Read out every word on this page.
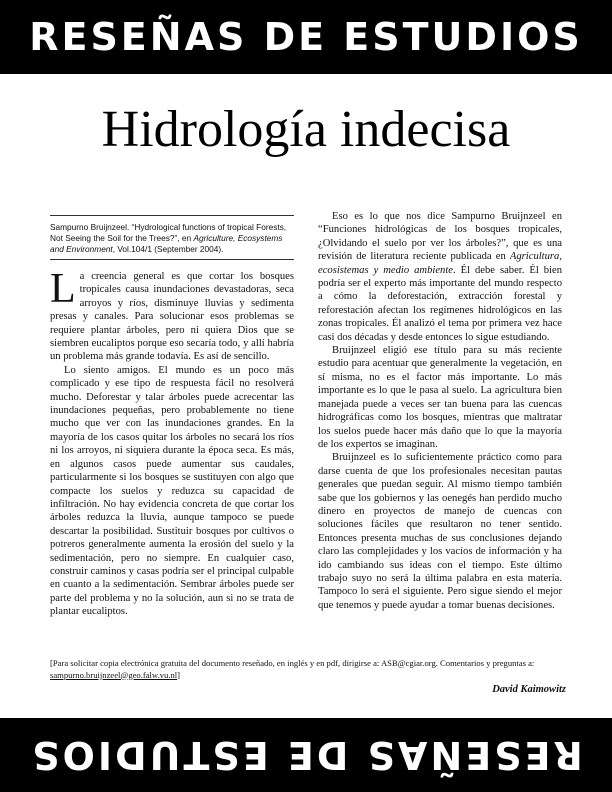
RESEÑAS DE ESTUDIOS
Hidrología indecisa
Sampurno Bruijnzeel. “Hydrological functions of tropical Forests, Not Seeing the Soil for the Trees?”, en Agriculture, Ecosystems and Environment, Vol.104/1 (September 2004).

La creencia general es que cortar los bosques tropicales causa inundaciones devastadoras, seca arroyos y ríos, disminuye lluvias y sedimenta presas y canales. Para solucionar esos problemas se requiere plantar árboles, pero ni quiera Dios que se siembren eucaliptos porque eso secaría todo, y allí habría un problema más grande todavía. Es así de sencillo.

Lo siento amigos. El mundo es un poco más complicado y ese tipo de respuesta fácil no resolverá mucho. Deforestar y talar árboles puede acrecentar las inundaciones pequeñas, pero probablemente no tiene mucho que ver con las inundaciones grandes. En la mayoría de los casos quitar los árboles no secará los ríos ni los arroyos, ni siquiera durante la época seca. Es más, en algunos casos puede aumentar sus caudales, particularmente si los bosques se sustituyen con algo que compacte los suelos y reduzca su capacidad de infiltración. No hay evidencia concreta de que cortar los árboles reduzca la lluvia, aunque tampoco se puede descartar la posibilidad. Sustituir bosques por cultivos o potreros generalmente aumenta la erosión del suelo y la sedimentación, pero no siempre. En cualquier caso, construir caminos y casas podría ser el principal culpable en cuanto a la sedimentación. Sembrar árboles puede ser parte del problema y no la solución, aun si no se trata de plantar eucaliptos.

Eso es lo que nos dice Sampurno Bruijnzeel en “Funciones hidrológicas de los bosques tropicales, ¿Olvidando el suelo por ver los árboles?”, que es una revisión de literatura reciente publicada en Agricultura, ecosistemas y medio ambiente. Él debe saber. Él bien podría ser el experto más importante del mundo respecto a cómo la deforestación, extracción forestal y reforestación afectan los regímenes hidrológicos en las zonas tropicales. Él analizó el tema por primera vez hace casi dos décadas y desde entonces lo sigue estudiando.

Bruijnzeel eligió ese título para su más reciente estudio para acentuar que generalmente la vegetación, en sí misma, no es el factor más importante. Lo más importante es lo que le pasa al suelo. La agricultura bien manejada puede a veces ser tan buena para las cuencas hidrográficas como los bosques, mientras que maltratar los suelos puede hacer más daño que lo que la mayoría de los expertos se imaginan.

Bruijnzeel es lo suficientemente práctico como para darse cuenta de que los profesionales necesitan pautas generales que puedan seguir. Al mismo tiempo también sabe que los gobiernos y las oenegés han perdido mucho dinero en proyectos de manejo de cuencas con soluciones fáciles que resultaron no tener sentido. Entonces presenta muchas de sus conclusiones dejando claro las complejidades y los vacíos de información y ha ido cambiando sus ideas con el tiempo. Este último trabajo suyo no será la última palabra en esta materia. Tampoco lo será el siguiente. Pero sigue siendo el mejor que tenemos y puede ayudar a tomar buenas decisiones.

[Para solicitar copia electrónica gratuita del documento reseñado, en inglés y en pdf, dirigirse a: ASB@cgiar.org. Comentarios y preguntas a: sampurno.bruijnzeel@geo.falw.vu.nl]
David Kaimowitz
RESEÑAS DE ESTUDIOS
